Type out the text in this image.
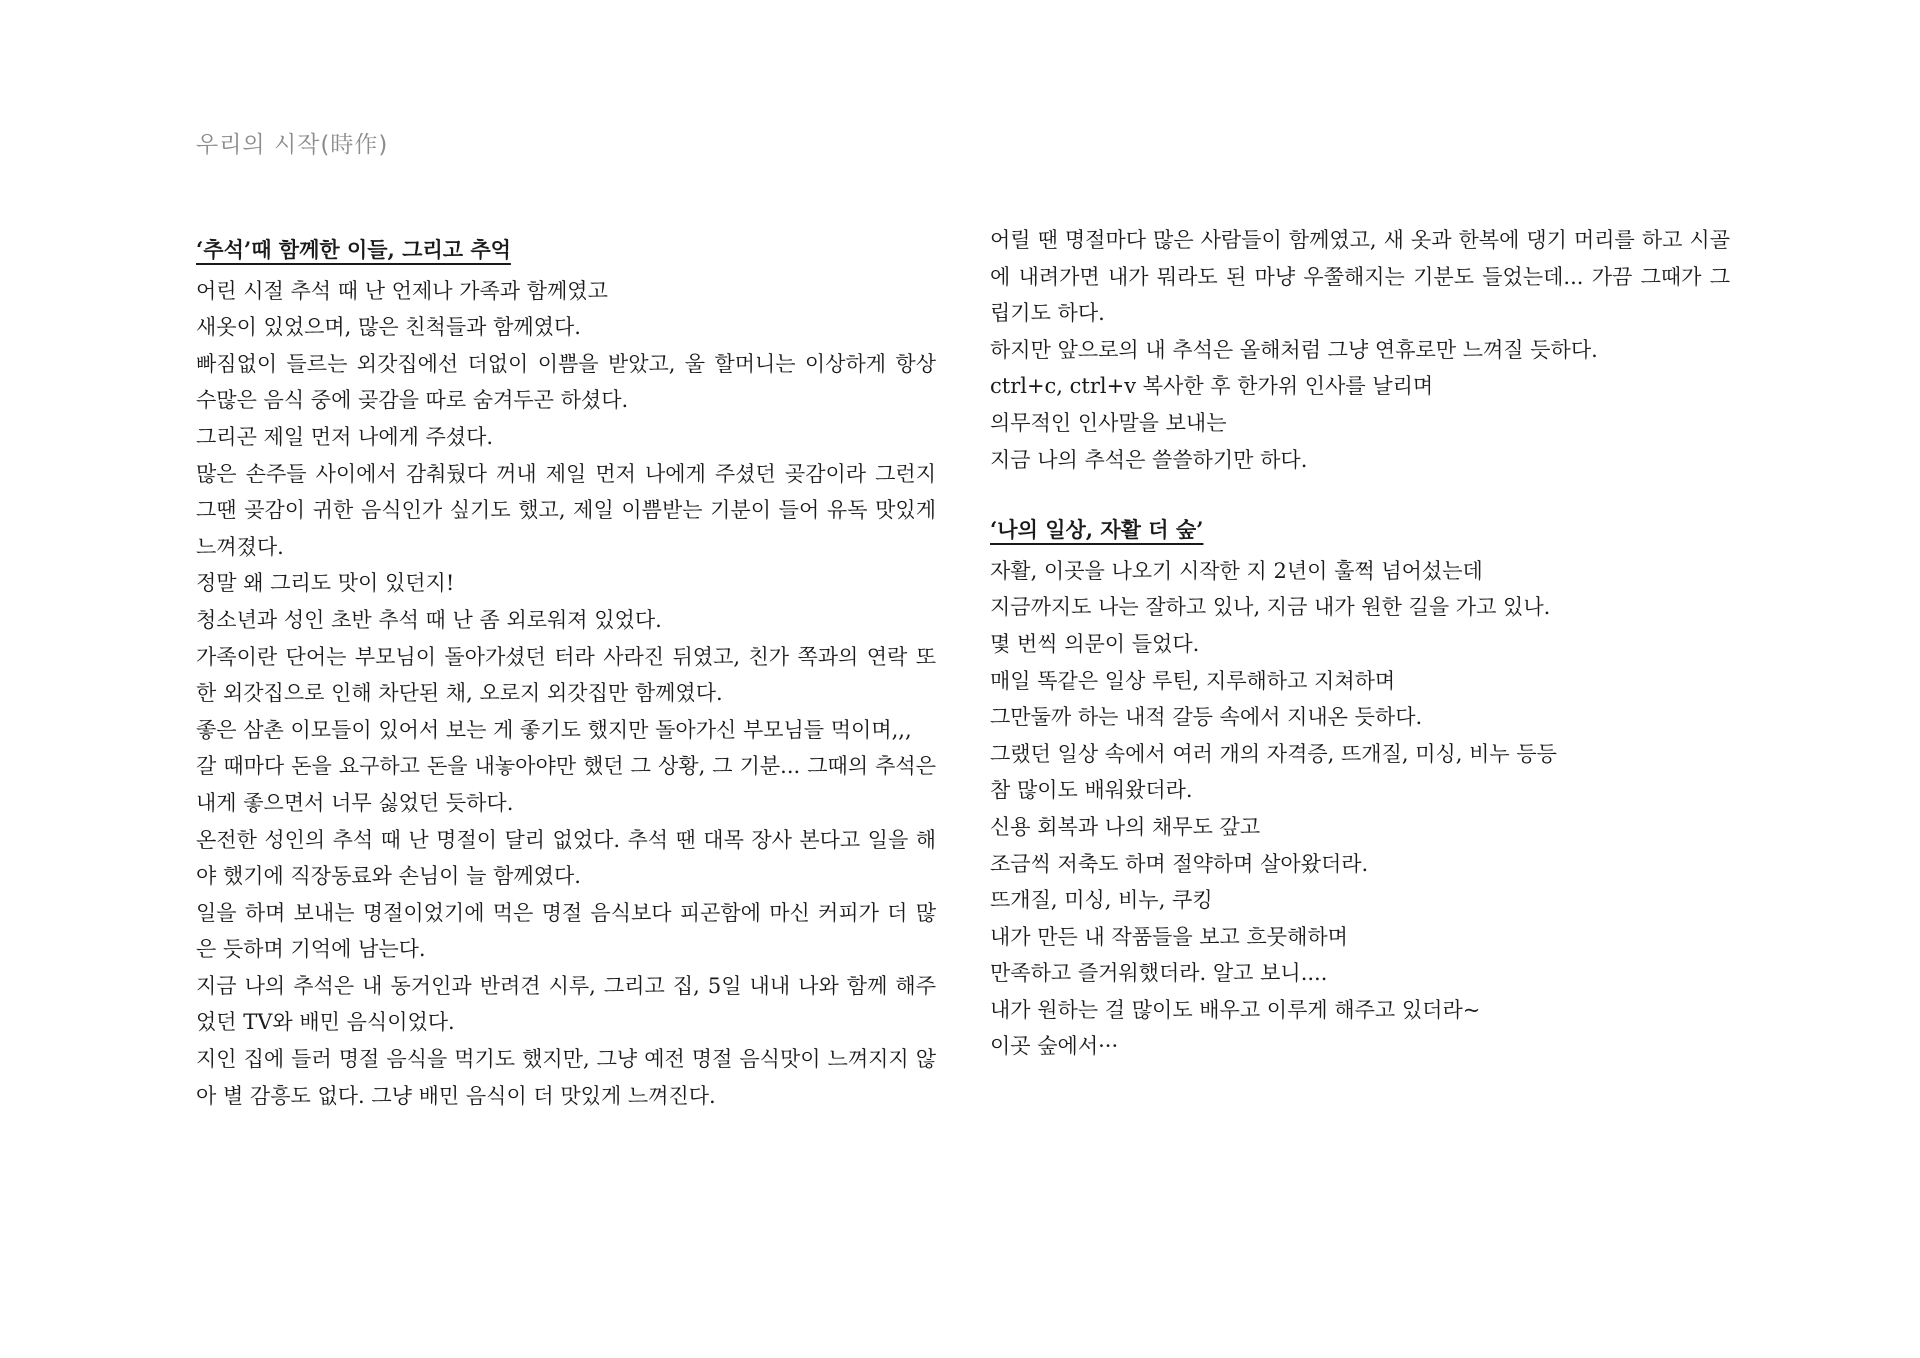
우리의 시작(時作)
‘추석’때 함께한 이들, 그리고 추억

어린 시절 추석 때 난 언제나 가족과 함께였고

새옷이 있었으며, 많은 친척들과 함께였다.

빠짐없이 들르는 외갓집에선 더없이 이쁨을 받았고, 울 할머니는 이상하게 항상 수많은 음식 중에 곶감을 따로 숨겨두곤 하셨다.

그리곤 제일 먼저 나에게 주셨다.

많은 손주들 사이에서 감춰뒀다 꺼내 제일 먼저 나에게 주셨던 곶감이라 그런지 그땐 곶감이 귀한 음식인가 싶기도 했고, 제일 이쁨받는 기분이 들어 유독 맛있게 느껴졌다.

정말 왜 그리도 맛이 있던지!

청소년과 성인 초반 추석 때 난 좀 외로워져 있었다.

가족이란 단어는 부모님이 돌아가셨던 터라 사라진 뒤였고, 친가 쪽과의 연락 또한 외갓집으로 인해 차단된 채, 오로지 외갓집만 함께였다.

좋은 삼촌 이모들이 있어서 보는 게 좋기도 했지만 돌아가신 부모님들 먹이며,,,

갈 때마다 돈을 요구하고 돈을 내놓아야만 했던 그 상황, 그 기분... 그때의 추석은 내게 좋으면서 너무 싫었던 듯하다.

온전한 성인의 추석 때 난 명절이 달리 없었다. 추석 땐 대목 장사 본다고 일을 해야 했기에 직장동료와 손님이 늘 함께였다.

일을 하며 보내는 명절이었기에 먹은 명절 음식보다 피곤함에 마신 커피가 더 많은 듯하며 기억에 남는다.

지금 나의 추석은 내 동거인과 반려견 시루, 그리고 집, 5일 내내 나와 함께 해주었던 TV와 배민 음식이었다.

지인 집에 들러 명절 음식을 먹기도 했지만, 그냥 예전 명절 음식맛이 느껴지지 않아 별 감흥도 없다. 그냥 배민 음식이 더 맛있게 느껴진다.

어릴 땐 명절마다 많은 사람들이 함께였고, 새 옷과 한복에 댕기 머리를 하고 시골에 내려가면 내가 뭐라도 된 마냥 우쭐해지는 기분도 들었는데... 가끔 그때가 그립기도 하다.

하지만 앞으로의 내 추석은 올해처럼 그냥 연휴로만 느껴질 듯하다.

ctrl+c, ctrl+v 복사한 후 한가위 인사를 날리며

의무적인 인사말을 보내는

지금 나의 추석은 쓸쓸하기만 하다.

‘나의 일상, 자활 더 숲’

자활, 이곳을 나오기 시작한 지 2년이 훌쩍 넘어섰는데

지금까지도 나는 잘하고 있나, 지금 내가 원한 길을 가고 있나.

몇 번씩 의문이 들었다.

매일 똑같은 일상 루틴, 지루해하고 지쳐하며

그만둘까 하는 내적 갈등 속에서 지내온 듯하다.

그랬던 일상 속에서 여러 개의 자격증, 뜨개질, 미싱, 비누 등등

참 많이도 배워왔더라.

신용 회복과 나의 채무도 갚고

조금씩 저축도 하며 절약하며 살아왔더라.

뜨개질, 미싱, 비누, 쿠킹

내가 만든 내 작품들을 보고 흐뭇해하며

만족하고 즐거워했더라. 알고 보니....

내가 원하는 걸 많이도 배우고 이루게 해주고 있더라~

이곳 숲에서···
